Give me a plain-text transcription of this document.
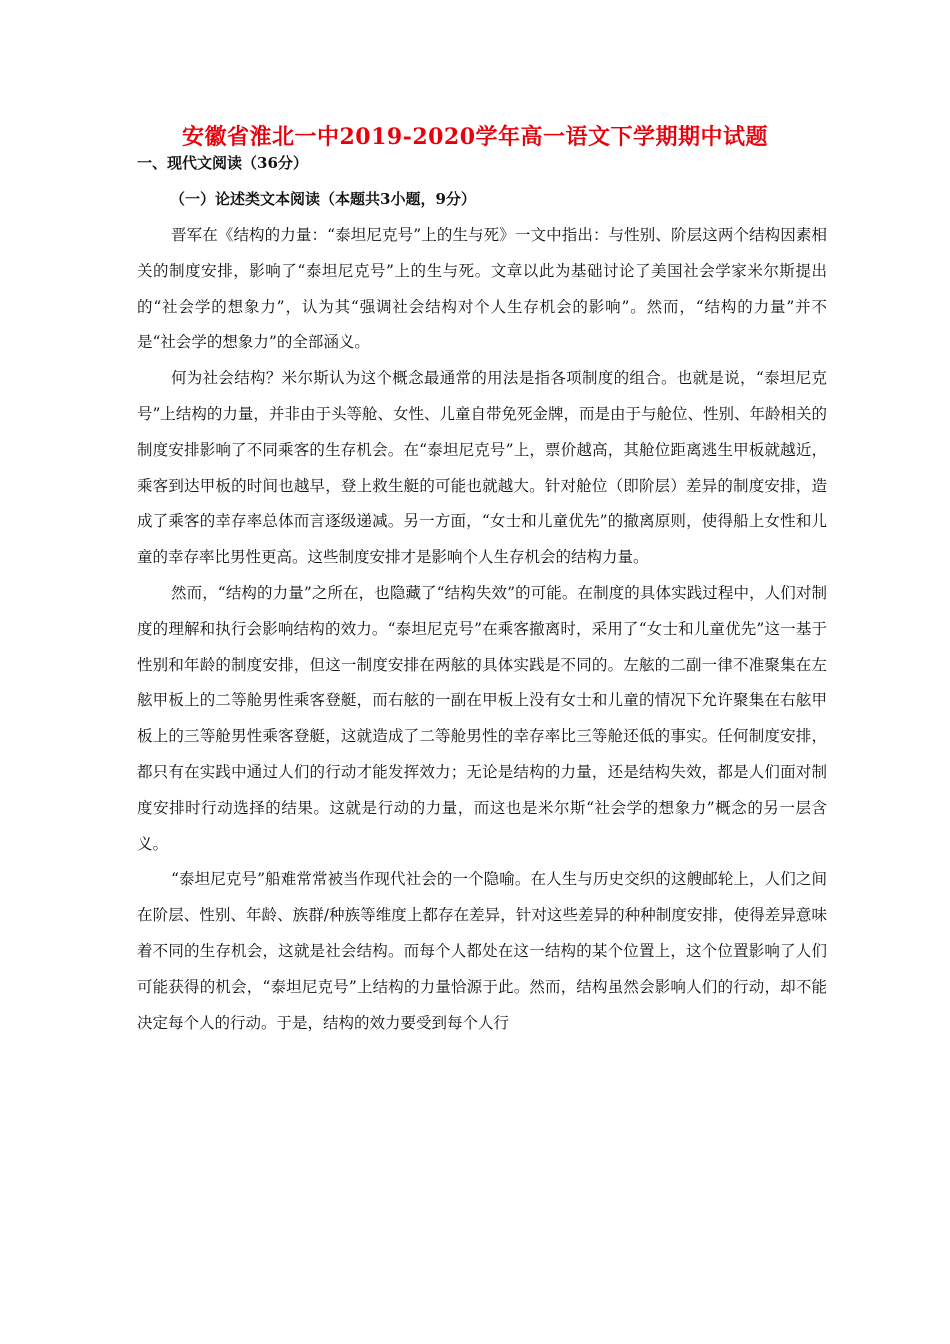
安徽省淮北一中2019-2020学年高一语文下学期期中试题
一、现代文阅读（36分）
（一）论述类文本阅读（本题共3小题，9分）

晋军在《结构的力量：“泰坦尼克号”上的生与死》一文中指出：与性别、阶层这两个结构因素相关的制度安排，影响了“泰坦尼克号”上的生与死。文章以此为基础讨论了美国社会学家米尔斯提出的“社会学的想象力”，认为其“强调社会结构对个人生存机会的影响”。然而，“结构的力量”并不是“社会学的想象力”的全部涵义。

何为社会结构？米尔斯认为这个概念最通常的用法是指各项制度的组合。也就是说，“泰坦尼克号”上结构的力量，并非由于头等舱、女性、儿童自带免死金牌，而是由于与舱位、性别、年龄相关的制度安排影响了不同乘客的生存机会。在“泰坦尼克号”上，票价越高，其舱位距离逃生甲板就越近，乘客到达甲板的时间也越早，登上救生艇的可能也就越大。针对舱位（即阶层）差异的制度安排，造成了乘客的幸存率总体而言逐级递减。另一方面，“女士和儿童优先”的撤离原则，使得船上女性和儿童的幸存率比男性更高。这些制度安排才是影响个人生存机会的结构力量。

然而，“结构的力量”之所在，也隐藏了“结构失效”的可能。在制度的具体实践过程中，人们对制度的理解和执行会影响结构的效力。“泰坦尼克号”在乘客撤离时，采用了“女士和儿童优先”这一基于性别和年龄的制度安排，但这一制度安排在两舷的具体实践是不同的。左舷的二副一律不准聚集在左舷甲板上的二等舱男性乘客登艇，而右舷的一副在甲板上没有女士和儿童的情况下允许聚集在右舷甲板上的三等舱男性乘客登艇，这就造成了二等舱男性的幸存率比三等舱还低的事实。任何制度安排，都只有在实践中通过人们的行动才能发挥效力；无论是结构的力量，还是结构失效，都是人们面对制度安排时行动选择的结果。这就是行动的力量，而这也是米尔斯“社会学的想象力”概念的另一层含义。

“泰坦尼克号”船难常常被当作现代社会的一个隐喻。在人生与历史交织的这艘邮轮上，人们之间在阶层、性别、年龄、族群/种族等维度上都存在差异，针对这些差异的种种制度安排，使得差异意味着不同的生存机会，这就是社会结构。而每个人都处在这一结构的某个位置上，这个位置影响了人们可能获得的机会，“泰坦尼克号”上结构的力量恰源于此。然而，结构虽然会影响人们的行动，却不能决定每个人的行动。于是，结构的效力要受到每个人行
